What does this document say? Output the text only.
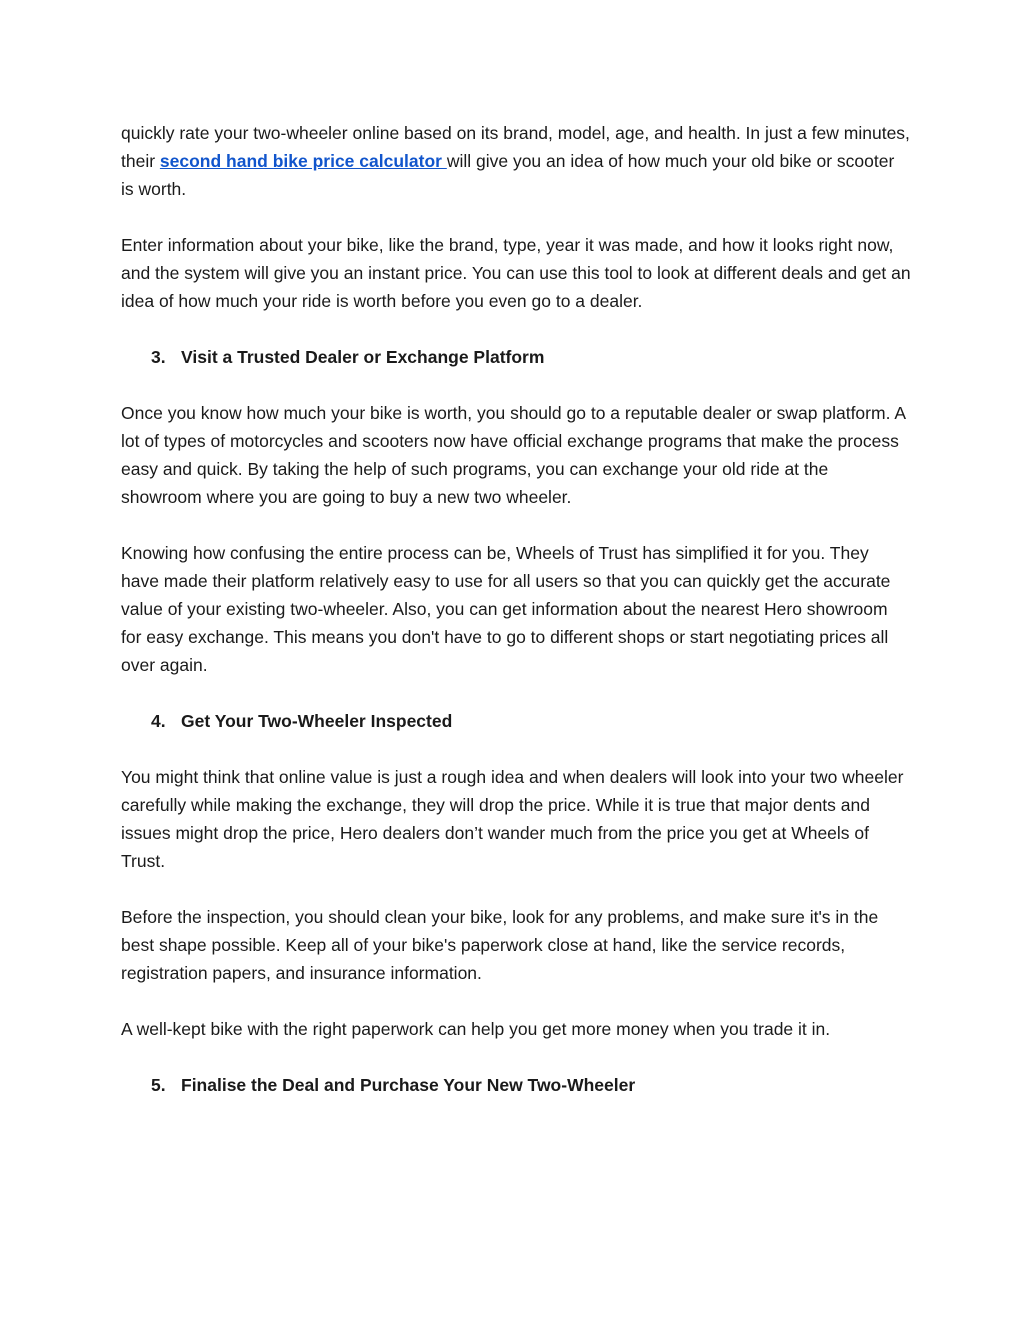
quickly rate your two-wheeler online based on its brand, model, age, and health. In just a few minutes, their second hand bike price calculator will give you an idea of how much your old bike or scooter is worth.

Enter information about your bike, like the brand, type, year it was made, and how it looks right now, and the system will give you an instant price. You can use this tool to look at different deals and get an idea of how much your ride is worth before you even go to a dealer.

3. Visit a Trusted Dealer or Exchange Platform

Once you know how much your bike is worth, you should go to a reputable dealer or swap platform. A lot of types of motorcycles and scooters now have official exchange programs that make the process easy and quick. By taking the help of such programs, you can exchange your old ride at the showroom where you are going to buy a new two wheeler.

Knowing how confusing the entire process can be, Wheels of Trust has simplified it for you. They have made their platform relatively easy to use for all users so that you can quickly get the accurate value of your existing two-wheeler. Also, you can get information about the nearest Hero showroom for easy exchange. This means you don't have to go to different shops or start negotiating prices all over again.

4. Get Your Two-Wheeler Inspected

You might think that online value is just a rough idea and when dealers will look into your two wheeler carefully while making the exchange, they will drop the price. While it is true that major dents and issues might drop the price, Hero dealers don’t wander much from the price you get at Wheels of Trust.

Before the inspection, you should clean your bike, look for any problems, and make sure it's in the best shape possible. Keep all of your bike's paperwork close at hand, like the service records, registration papers, and insurance information.

A well-kept bike with the right paperwork can help you get more money when you trade it in.

5. Finalise the Deal and Purchase Your New Two-Wheeler
